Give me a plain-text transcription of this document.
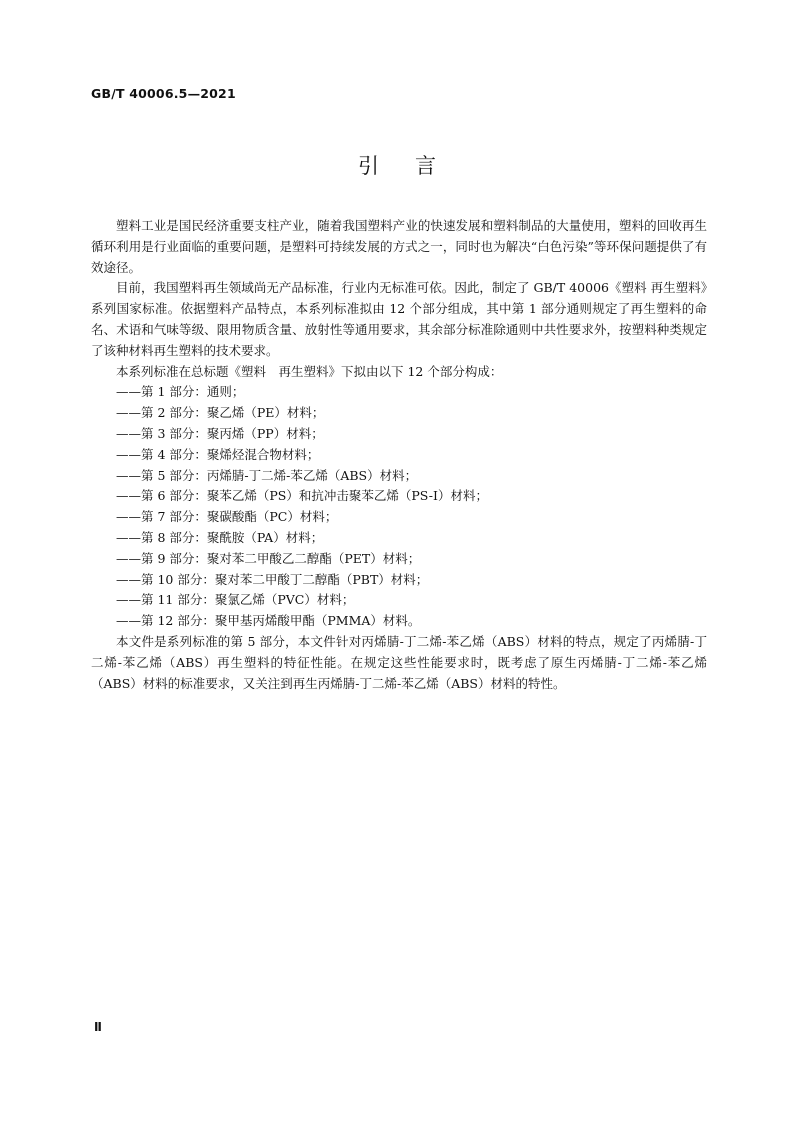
GB/T 40006.5—2021
引言

塑料工业是国民经济重要支柱产业，随着我国塑料产业的快速发展和塑料制品的大量使用，塑料的回收再生循环利用是行业面临的重要问题，是塑料可持续发展的方式之一，同时也为解决“白色污染”等环保问题提供了有效途径。

目前，我国塑料再生领域尚无产品标准，行业内无标准可依。因此，制定了 GB/T 40006《塑料 再生塑料》系列国家标准。依据塑料产品特点，本系列标准拟由 12 个部分组成，其中第 1 部分通则规定了再生塑料的命名、术语和气味等级、限用物质含量、放射性等通用要求，其余部分标准除通则中共性要求外，按塑料种类规定了该种材料再生塑料的技术要求。

本系列标准在总标题《塑料　再生塑料》下拟由以下 12 个部分构成：

——第 1 部分：通则；

——第 2 部分：聚乙烯（PE）材料；

——第 3 部分：聚丙烯（PP）材料；

——第 4 部分：聚烯烃混合物材料；

——第 5 部分：丙烯腈-丁二烯-苯乙烯（ABS）材料；

——第 6 部分：聚苯乙烯（PS）和抗冲击聚苯乙烯（PS-I）材料；

——第 7 部分：聚碳酸酯（PC）材料；

——第 8 部分：聚酰胺（PA）材料；

——第 9 部分：聚对苯二甲酸乙二醇酯（PET）材料；

——第 10 部分：聚对苯二甲酸丁二醇酯（PBT）材料；

——第 11 部分：聚氯乙烯（PVC）材料；

——第 12 部分：聚甲基丙烯酸甲酯（PMMA）材料。

本文件是系列标准的第 5 部分，本文件针对丙烯腈-丁二烯-苯乙烯（ABS）材料的特点，规定了丙烯腈-丁二烯-苯乙烯（ABS）再生塑料的特征性能。在规定这些性能要求时，既考虑了原生丙烯腈-丁二烯-苯乙烯（ABS）材料的标准要求，又关注到再生丙烯腈-丁二烯-苯乙烯（ABS）材料的特性。

Ⅱ
